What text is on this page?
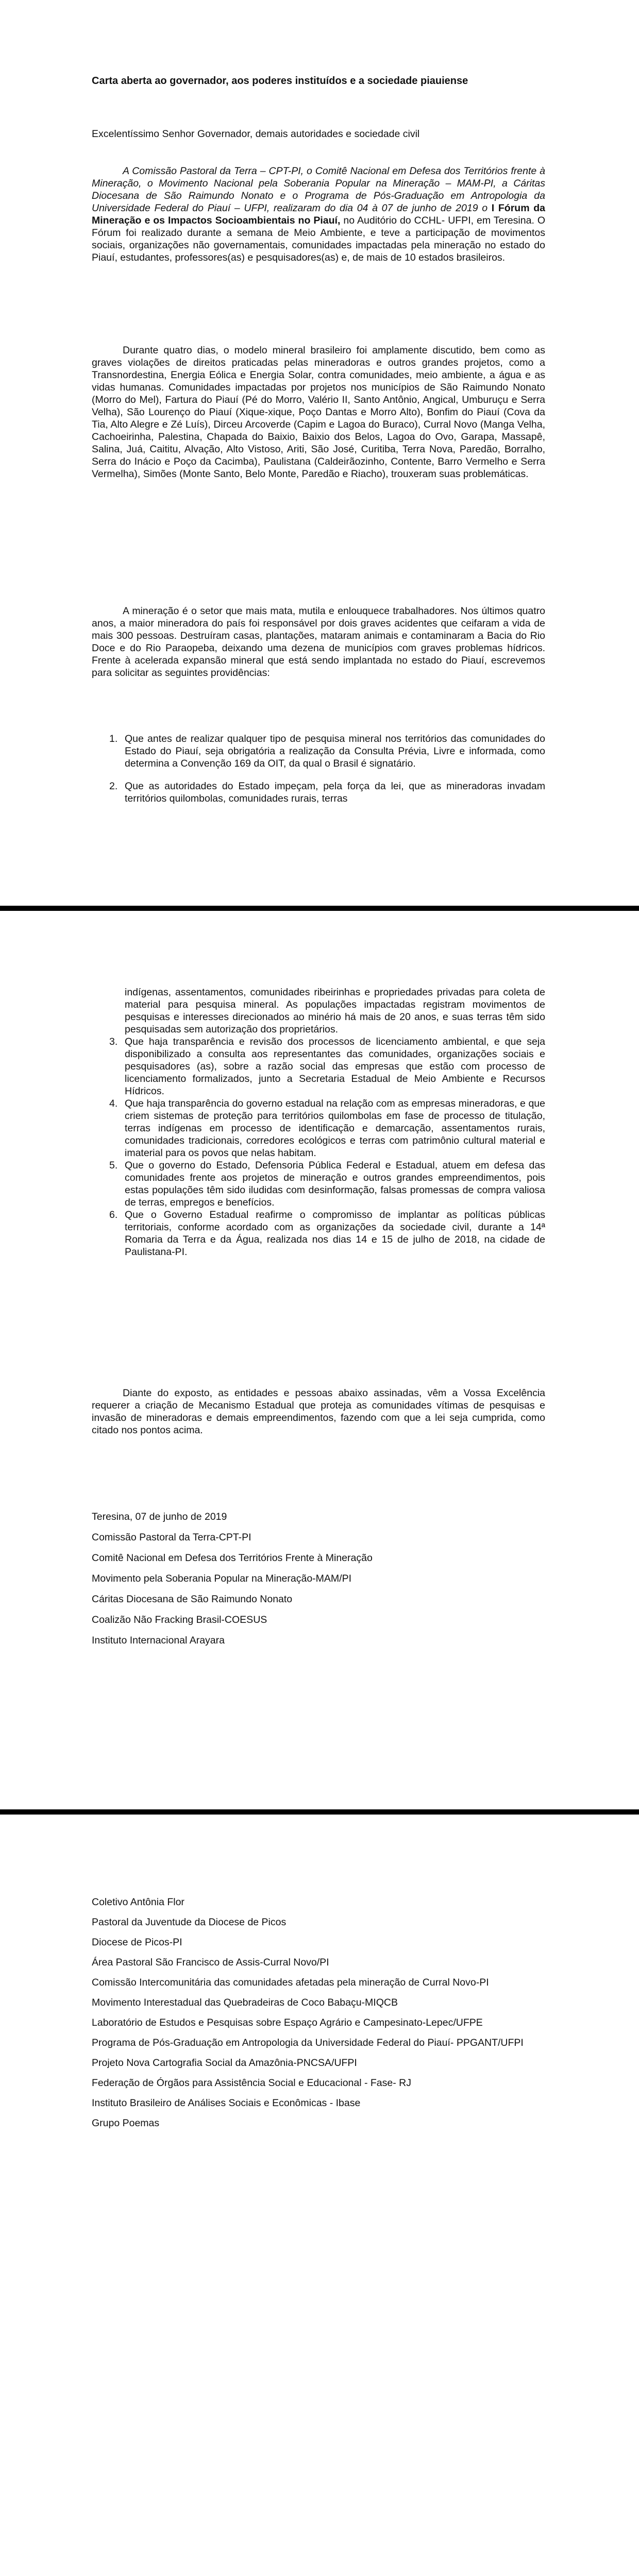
Carta aberta ao governador, aos poderes instituídos e a sociedade piauiense

Excelentíssimo Senhor Governador, demais autoridades e sociedade civil

A Comissão Pastoral da Terra – CPT-PI, o Comitê Nacional em Defesa dos Territórios frente à Mineração, o Movimento Nacional pela Soberania Popular na Mineração – MAM-PI, a Cáritas Diocesana de São Raimundo Nonato e o Programa de Pós-Graduação em Antropologia da Universidade Federal do Piauí – UFPI, realizaram do dia 04 à 07 de junho de 2019 o I Fórum da Mineração e os Impactos Socioambientais no Piauí, no Auditório do CCHL- UFPI, em Teresina. O Fórum foi realizado durante a semana de Meio Ambiente, e teve a participação de movimentos sociais, organizações não governamentais, comunidades impactadas pela mineração no estado do Piauí, estudantes, professores(as) e pesquisadores(as) e, de mais de 10 estados brasileiros.

Durante quatro dias, o modelo mineral brasileiro foi amplamente discutido, bem como as graves violações de direitos praticadas pelas mineradoras e outros grandes projetos, como a Transnordestina, Energia Eólica e Energia Solar, contra comunidades, meio ambiente, a água e as vidas humanas. Comunidades impactadas por projetos nos municípios de São Raimundo Nonato (Morro do Mel), Fartura do Piauí (Pé do Morro, Valério II, Santo Antônio, Angical, Umburuçu e Serra Velha), São Lourenço do Piauí (Xique-xique, Poço Dantas e Morro Alto), Bonfim do Piauí (Cova da Tia, Alto Alegre e Zé Luís), Dirceu Arcoverde (Capim e Lagoa do Buraco), Curral Novo (Manga Velha, Cachoeirinha, Palestina, Chapada do Baixio, Baixio dos Belos, Lagoa do Ovo, Garapa, Massapê, Salina, Juá, Caititu, Alvação, Alto Vistoso, Ariti, São José, Curitiba, Terra Nova, Paredão, Borralho, Serra do Inácio e Poço da Cacimba), Paulistana (Caldeirãozinho, Contente, Barro Vermelho e Serra Vermelha), Simões (Monte Santo, Belo Monte, Paredão e Riacho), trouxeram suas problemáticas.

A mineração é o setor que mais mata, mutila e enlouquece trabalhadores. Nos últimos quatro anos, a maior mineradora do país foi responsável por dois graves acidentes que ceifaram a vida de mais 300 pessoas. Destruíram casas, plantações, mataram animais e contaminaram a Bacia do Rio Doce e do Rio Paraopeba, deixando uma dezena de municípios com graves problemas hídricos. Frente à acelerada expansão mineral que está sendo implantada no estado do Piauí, escrevemos para solicitar as seguintes providências:

1. Que antes de realizar qualquer tipo de pesquisa mineral nos territórios das comunidades do Estado do Piauí, seja obrigatória a realização da Consulta Prévia, Livre e informada, como determina a Convenção 169 da OIT, da qual o Brasil é signatário.
2. Que as autoridades do Estado impeçam, pela força da lei, que as mineradoras invadam territórios quilombolas, comunidades rurais, terras
indígenas, assentamentos, comunidades ribeirinhas e propriedades privadas para coleta de material para pesquisa mineral. As populações impactadas registram movimentos de pesquisas e interesses direcionados ao minério há mais de 20 anos, e suas terras têm sido pesquisadas sem autorização dos proprietários.
3. Que haja transparência e revisão dos processos de licenciamento ambiental, e que seja disponibilizado a consulta aos representantes das comunidades, organizações sociais e pesquisadores (as), sobre a razão social das empresas que estão com processo de licenciamento formalizados, junto a Secretaria Estadual de Meio Ambiente e Recursos Hídricos.
4. Que haja transparência do governo estadual na relação com as empresas mineradoras, e que criem sistemas de proteção para territórios quilombolas em fase de processo de titulação, terras indígenas em processo de identificação e demarcação, assentamentos rurais, comunidades tradicionais, corredores ecológicos e terras com patrimônio cultural material e imaterial para os povos que nelas habitam.
5. Que o governo do Estado, Defensoria Pública Federal e Estadual, atuem em defesa das comunidades frente aos projetos de mineração e outros grandes empreendimentos, pois estas populações têm sido iludidas com desinformação, falsas promessas de compra valiosa de terras, empregos e benefícios.
6. Que o Governo Estadual reafirme o compromisso de implantar as políticas públicas territoriais, conforme acordado com as organizações da sociedade civil, durante a 14ª Romaria da Terra e da Água, realizada nos dias 14 e 15 de julho de 2018, na cidade de Paulistana-PI.

Diante do exposto, as entidades e pessoas abaixo assinadas, vêm a Vossa Excelência requerer a criação de Mecanismo Estadual que proteja as comunidades vítimas de pesquisas e invasão de mineradoras e demais empreendimentos, fazendo com que a lei seja cumprida, como citado nos pontos acima.

Teresina, 07 de junho de 2019
Comissão Pastoral da Terra-CPT-PI
Comitê Nacional em Defesa dos Territórios Frente à Mineração
Movimento pela Soberania Popular na Mineração-MAM/PI
Cáritas Diocesana de São Raimundo Nonato
Coalizão Não Fracking Brasil-COESUS
Instituto Internacional Arayara
Coletivo Antônia Flor
Pastoral da Juventude da Diocese de Picos
Diocese de Picos-PI
Área Pastoral São Francisco de Assis-Curral Novo/PI
Comissão Intercomunitária das comunidades afetadas pela mineração de Curral Novo-PI
Movimento Interestadual das Quebradeiras de Coco Babaçu-MIQCB
Laboratório de Estudos e Pesquisas sobre Espaço Agrário e Campesinato-Lepec/UFPE
Programa de Pós-Graduação em Antropologia da Universidade Federal do Piauí- PPGANT/UFPI
Projeto Nova Cartografia Social da Amazônia-PNCSA/UFPI
Federação de Órgãos para Assistência Social e Educacional - Fase- RJ
Instituto Brasileiro de Análises Sociais e Econômicas - Ibase
Grupo Poemas
